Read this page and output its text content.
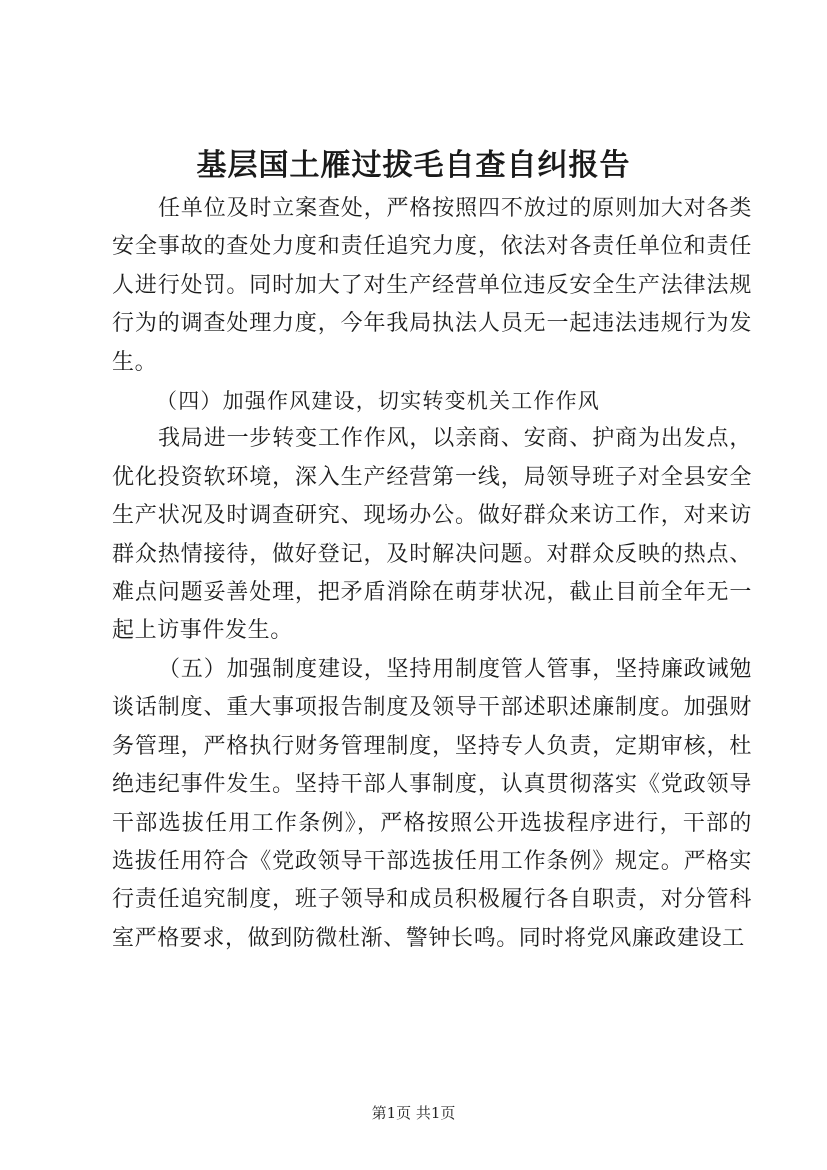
基层国土雁过拔毛自查自纠报告

任单位及时立案查处，严格按照四不放过的原则加大对各类安全事故的查处力度和责任追究力度，依法对各责任单位和责任人进行处罚。同时加大了对生产经营单位违反安全生产法律法规行为的调查处理力度，今年我局执法人员无一起违法违规行为发生。

（四）加强作风建设，切实转变机关工作作风

我局进一步转变工作作风，以亲商、安商、护商为出发点，优化投资软环境，深入生产经营第一线，局领导班子对全县安全生产状况及时调查研究、现场办公。做好群众来访工作，对来访群众热情接待，做好登记，及时解决问题。对群众反映的热点、难点问题妥善处理，把矛盾消除在萌芽状况，截止目前全年无一起上访事件发生。

（五）加强制度建设，坚持用制度管人管事，坚持廉政诫勉谈话制度、重大事项报告制度及领导干部述职述廉制度。加强财务管理，严格执行财务管理制度，坚持专人负责，定期审核，杜绝违纪事件发生。坚持干部人事制度，认真贯彻落实《党政领导干部选拔任用工作条例》，严格按照公开选拔程序进行，干部的选拔任用符合《党政领导干部选拔任用工作条例》规定。严格实行责任追究制度，班子领导和成员积极履行各自职责，对分管科室严格要求，做到防微杜渐、警钟长鸣。同时将党风廉政建设工

第1页 共1页
